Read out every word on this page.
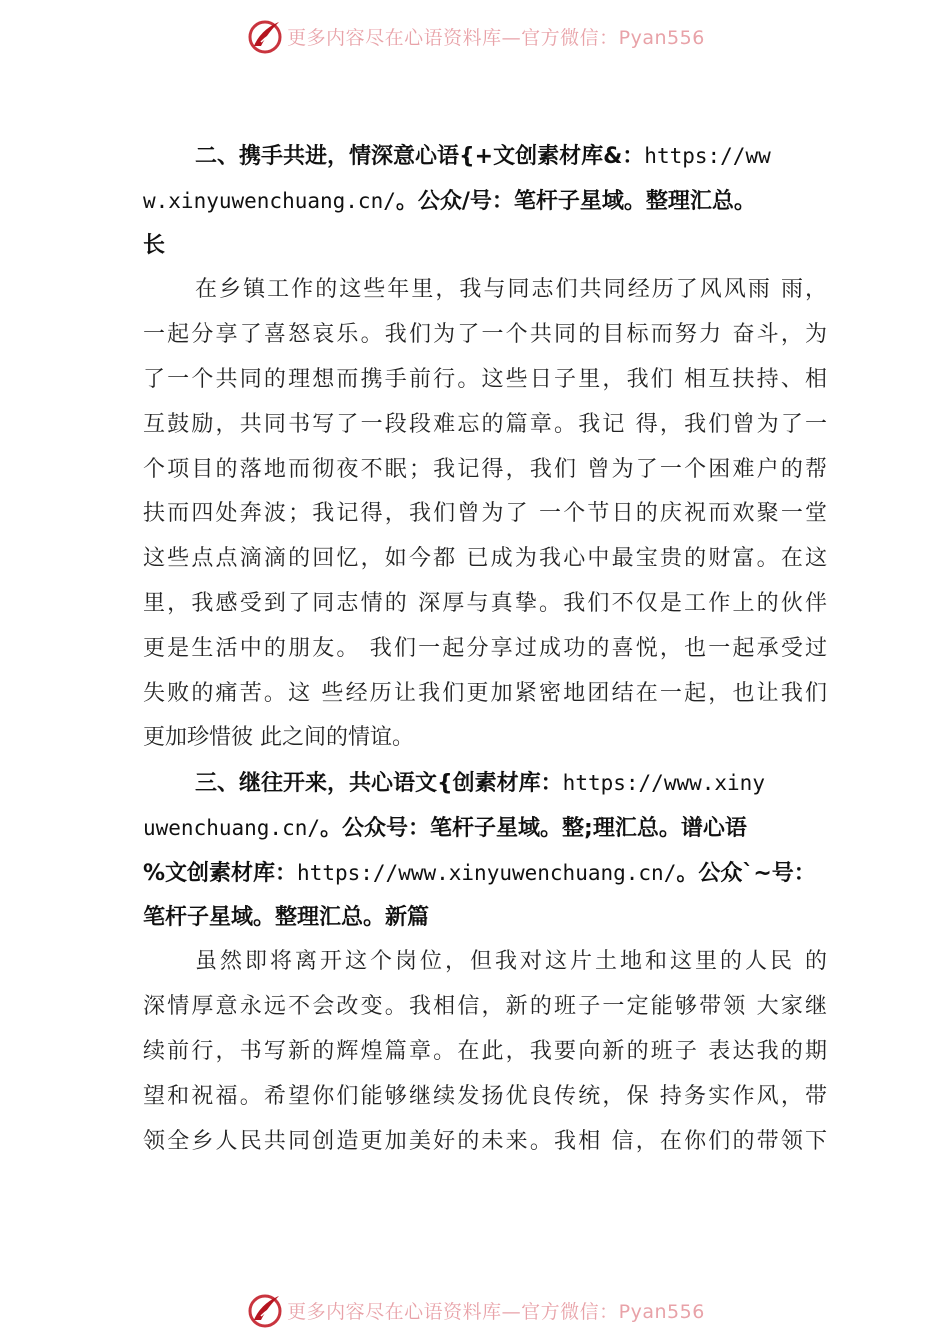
更多内容尽在心语资料库—官方微信：Pyan556
二、携手共进，情深意心语{+文创素材库&：https://ww
w.xinyuwenchuang.cn/。公众/号：笔杆子星域。整理汇总。
长
在乡镇工作的这些年里，我与同志们共同经历了风风雨 雨，
一起分享了喜怒哀乐。我们为了一个共同的目标而努力 奋斗，为
了一个共同的理想而携手前行。这些日子里，我们 相互扶持、相
互鼓励，共同书写了一段段难忘的篇章。我记 得，我们曾为了一
个项目的落地而彻夜不眠；我记得，我们 曾为了一个困难户的帮
扶而四处奔波；我记得，我们曾为了 一个节日的庆祝而欢聚一堂
这些点点滴滴的回忆，如今都 已成为我心中最宝贵的财富。在这
里，我感受到了同志情的 深厚与真挚。我们不仅是工作上的伙伴
更是生活中的朋友。 我们一起分享过成功的喜悦，也一起承受过
失败的痛苦。这 些经历让我们更加紧密地团结在一起，也让我们
更加珍惜彼 此之间的情谊。
三、继往开来，共心语文{创素材库：https://www.xiny
uwenchuang.cn/。公众号：笔杆子星域。整;理汇总。谱心语
%文创素材库：https://www.xinyuwenchuang.cn/。公众`~号：
笔杆子星域。整理汇总。新篇
虽然即将离开这个岗位，但我对这片土地和这里的人民 的
深情厚意永远不会改变。我相信，新的班子一定能够带领 大家继
续前行，书写新的辉煌篇章。在此，我要向新的班子 表达我的期
望和祝福。希望你们能够继续发扬优良传统，保 持务实作风，带
领全乡人民共同创造更加美好的未来。我相 信，在你们的带领下
更多内容尽在心语资料库—官方微信：Pyan556
